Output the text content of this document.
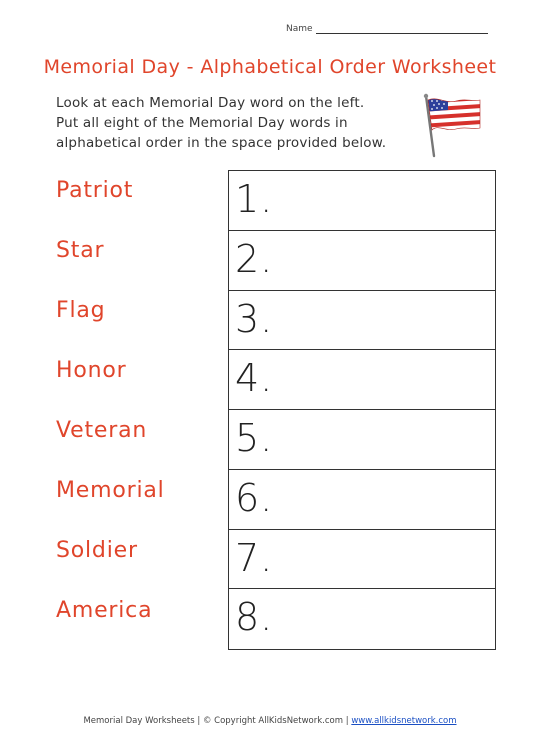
Name
Memorial Day - Alphabetical Order Worksheet
Look at each Memorial Day word on the left.
Put all eight of the Memorial Day words in
alphabetical order in the space provided below.
Patriot
Star
Flag
Honor
Veteran
Memorial
Soldier
America
1.
2.
3.
4.
5.
6.
7.
8.
Memorial Day Worksheets | © Copyright AllKidsNetwork.com | www.allkidsnetwork.com
